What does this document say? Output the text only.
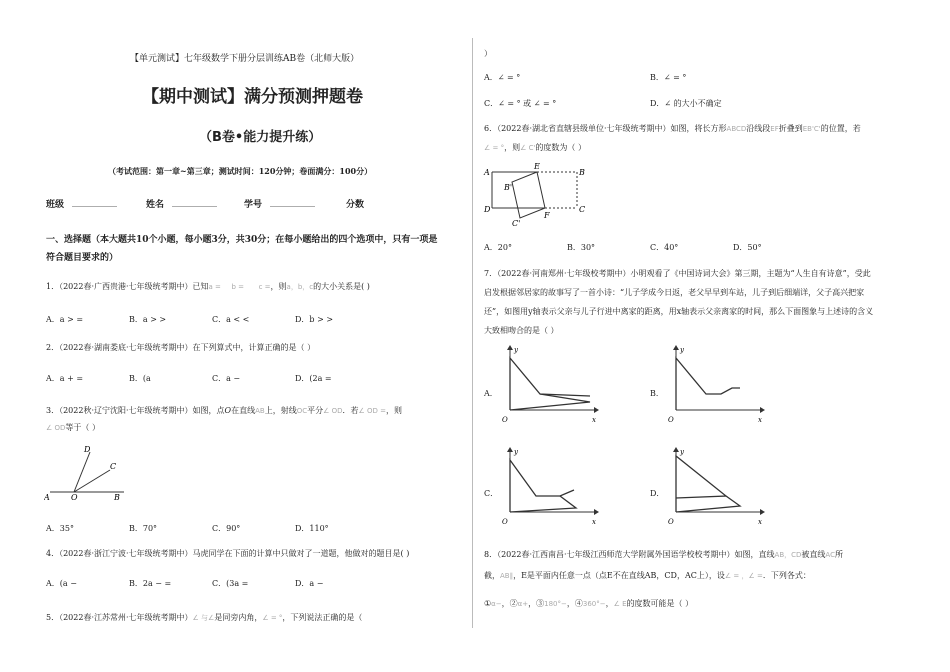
【单元测试】七年级数学下册分层训练AB卷（北师大版）
【期中测试】满分预测押题卷
（B卷•能力提升练）
（考试范围：第一章~第三章；测试时间：120分钟；卷面满分：100分）
班级 __________	姓名 __________	学号 __________	分数
一、选择题（本大题共10个小题，每小题3分，共30分；在每小题给出的四个选项中，只有一项是
符合题目要求的）
1．（2022春·广西贵港·七年级统考期中）已知a = b = c =，则a，b，c的大小关系是( )
A．a > =	B．a > >	C．a < <	D．b > >
2．（2022春·湖南娄底·七年级统考期中）在下列算式中，计算正确的是（ ）
A．a + =	B．(a	C．a −	D．(2a =
3．（2022秋·辽宁沈阳·七年级统考期中）如图，点O在直线AB上，射线OC平分∠ OD．若∠ OD =，则
∠ OD等于（ ）
D
C
A	O	B
A．35°	B．70°	C．90°	D．110°
4．（2022春·浙江宁波·七年级统考期中）马虎同学在下面的计算中只做对了一道题，他做对的题目是( )
A．(a −	B．2a − =	C．(3a =	D．a −
5．（2022春·江苏常州·七年级统考期中）∠ 与∠是同旁内角，∠ = °，下列说法正确的是（
）
A．∠ = °	B．∠ = °
C．∠ = ° 或 ∠ = °	D．∠ 的大小不确定
6．（2022春·湖北省直辖县级单位·七年级统考期中）如图，将长方形ABCD沿线段EF折叠到EB'C'的位置，若
∠ = °，则∠ C'的度数为（ ）
A
E
B'
D
F
C'
C
B
A．20°	B．30°	C．40°	D．50°
7．（2022春·河南郑州·七年级校考期中）小明观看了《中国诗词大会》第三期，主题为“人生自有诗意”，受此
启发根据邻居家的故事写了一首小诗：“儿子学成今日返，老父早早到车站，儿子到后细端详，父子高兴把家
还”，如图用y轴表示父亲与儿子行进中离家的距离，用x轴表示父亲离家的时间，那么下面图象与上述诗的含义
大致相吻合的是（ ）
A．
y
x
O
B．
y
x
O
C．
y
x
O
D．
y
x
O
8．（2022春·江西南昌·七年级江西师范大学附属外国语学校校考期中）如图，直线AB，CD被直线AC所
截，AB∥，E是平面内任意一点（点E不在直线AB，CD，AC上），设∠ = ，∠ =．下列各式：
①α−，②α+，③180°−，④360°−，∠ E的度数可能是（ ）
